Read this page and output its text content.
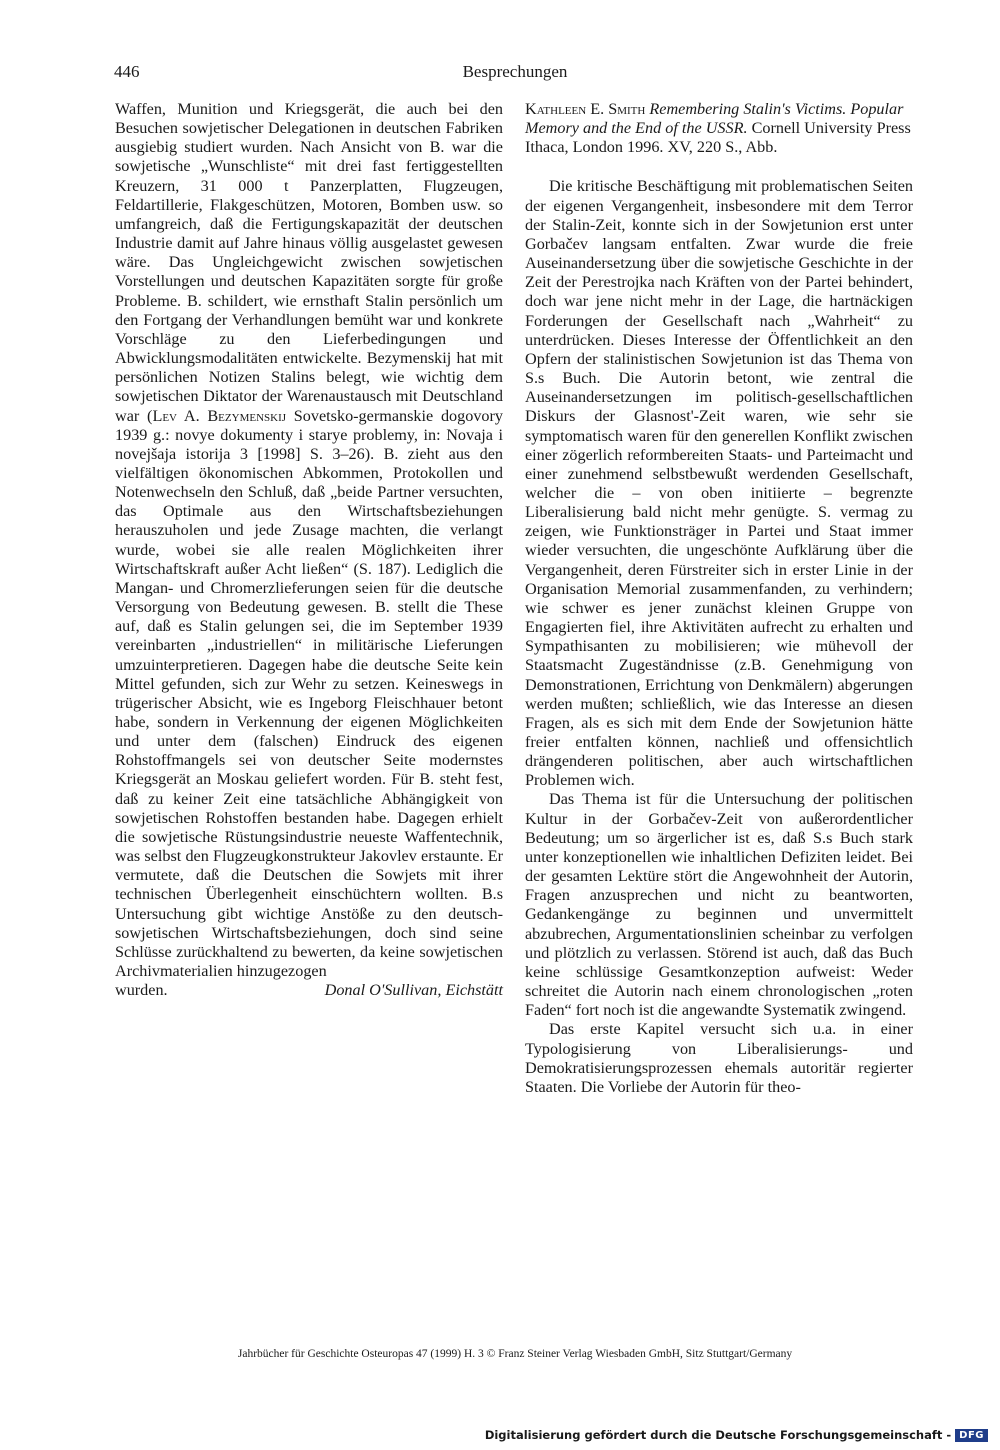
446	Besprechungen

Waffen, Munition und Kriegsgerät, die auch bei den Besuchen sowjetischer Delegationen in deutschen Fabriken ausgiebig studiert wurden. Nach Ansicht von B. war die sowjetische „Wunschliste“ mit drei fast fertiggestellten Kreuzern, 31 000 t Panzerplatten, Flugzeugen, Feldartillerie, Flakgeschützen, Motoren, Bomben usw. so umfangreich, daß die Fertigungskapazität der deutschen Industrie damit auf Jahre hinaus völlig ausgelastet gewesen wäre. Das Ungleichgewicht zwischen sowjetischen Vorstellungen und deutschen Kapazitäten sorgte für große Probleme. B. schildert, wie ernsthaft Stalin persönlich um den Fortgang der Verhandlungen bemüht war und konkrete Vorschläge zu den Lieferbedingungen und Abwicklungsmodalitäten entwickelte. Bezymenskij hat mit persönlichen Notizen Stalins belegt, wie wichtig dem sowjetischen Diktator der Warenaustausch mit Deutschland war (Lev A. Bezymenskij Sovetsko-germanskie dogovory 1939 g.: novye dokumenty i starye problemy, in: Novaja i novejšaja istorija 3 [1998] S. 3–26). B. zieht aus den vielfältigen ökonomischen Abkommen, Protokollen und Notenwechseln den Schluß, daß „beide Partner versuchten, das Optimale aus den Wirtschaftsbeziehungen herauszuholen und jede Zusage machten, die verlangt wurde, wobei sie alle realen Möglichkeiten ihrer Wirtschaftskraft außer Acht ließen“ (S. 187). Lediglich die Mangan- und Chromerzlieferungen seien für die deutsche Versorgung von Bedeutung gewesen. B. stellt die These auf, daß es Stalin gelungen sei, die im September 1939 vereinbarten „industriellen“ in militärische Lieferungen umzuinterpretieren. Dagegen habe die deutsche Seite kein Mittel gefunden, sich zur Wehr zu setzen. Keineswegs in trügerischer Absicht, wie es Ingeborg Fleischhauer betont habe, sondern in Verkennung der eigenen Möglichkeiten und unter dem (falschen) Eindruck des eigenen Rohstoffmangels sei von deutscher Seite modernstes Kriegsgerät an Moskau geliefert worden. Für B. steht fest, daß zu keiner Zeit eine tatsächliche Abhängigkeit von sowjetischen Rohstoffen bestanden habe. Dagegen erhielt die sowjetische Rüstungsindustrie neueste Waffentechnik, was selbst den Flugzeugkonstrukteur Jakovlev erstaunte. Er vermutete, daß die Deutschen die Sowjets mit ihrer technischen Überlegenheit einschüchtern wollten. B.s Untersuchung gibt wichtige Anstöße zu den deutsch-sowjetischen Wirtschaftsbeziehungen, doch sind seine Schlüsse zurückhaltend zu bewerten, da keine sowjetischen Archivmaterialien hinzugezogen

wurden.	Donal O'Sullivan, Eichstätt

Kathleen E. Smith Remembering Stalin's Victims. Popular Memory and the End of the USSR. Cornell University Press Ithaca, London 1996. XV, 220 S., Abb.

Die kritische Beschäftigung mit problematischen Seiten der eigenen Vergangenheit, insbesondere mit dem Terror der Stalin-Zeit, konnte sich in der Sowjetunion erst unter Gorbačev langsam entfalten. Zwar wurde die freie Auseinandersetzung über die sowjetische Geschichte in der Zeit der Perestrojka nach Kräften von der Partei behindert, doch war jene nicht mehr in der Lage, die hartnäckigen Forderungen der Gesellschaft nach „Wahrheit“ zu unterdrücken. Dieses Interesse der Öffentlichkeit an den Opfern der stalinistischen Sowjetunion ist das Thema von S.s Buch. Die Autorin betont, wie zentral die Auseinandersetzungen im politisch-gesellschaftlichen Diskurs der Glasnost'-Zeit waren, wie sehr sie symptomatisch waren für den generellen Konflikt zwischen einer zögerlich reformbereiten Staats- und Parteimacht und einer zunehmend selbstbewußt werdenden Gesellschaft, welcher die – von oben initiierte – begrenzte Liberalisierung bald nicht mehr genügte. S. vermag zu zeigen, wie Funktionsträger in Partei und Staat immer wieder versuchten, die ungeschönte Aufklärung über die Vergangenheit, deren Fürstreiter sich in erster Linie in der Organisation Memorial zusammenfanden, zu verhindern; wie schwer es jener zunächst kleinen Gruppe von Engagierten fiel, ihre Aktivitäten aufrecht zu erhalten und Sympathisanten zu mobilisieren; wie mühevoll der Staatsmacht Zugeständnisse (z.B. Genehmigung von Demonstrationen, Errichtung von Denkmälern) abgerungen werden mußten; schließlich, wie das Interesse an diesen Fragen, als es sich mit dem Ende der Sowjetunion hätte freier entfalten können, nachließ und offensichtlich drängenderen politischen, aber auch wirtschaftlichen Problemen wich.

Das Thema ist für die Untersuchung der politischen Kultur in der Gorbačev-Zeit von außerordentlicher Bedeutung; um so ärgerlicher ist es, daß S.s Buch stark unter konzeptionellen wie inhaltlichen Defiziten leidet. Bei der gesamten Lektüre stört die Angewohnheit der Autorin, Fragen anzusprechen und nicht zu beantworten, Gedankengänge zu beginnen und unvermittelt abzubrechen, Argumentationslinien scheinbar zu verfolgen und plötzlich zu verlassen. Störend ist auch, daß das Buch keine schlüssige Gesamtkonzeption aufweist: Weder schreitet die Autorin nach einem chronologischen „roten Faden“ fort noch ist die angewandte Systematik zwingend.

Das erste Kapitel versucht sich u.a. in einer Typologisierung von Liberalisierungs- und Demokratisierungsprozessen ehemals autoritär regierter Staaten. Die Vorliebe der Autorin für theo-

Jahrbücher für Geschichte Osteuropas 47 (1999) H. 3 © Franz Steiner Verlag Wiesbaden GmbH, Sitz Stuttgart/Germany
Digitalisierung gefördert durch die Deutsche Forschungsgemeinschaft - DFG
